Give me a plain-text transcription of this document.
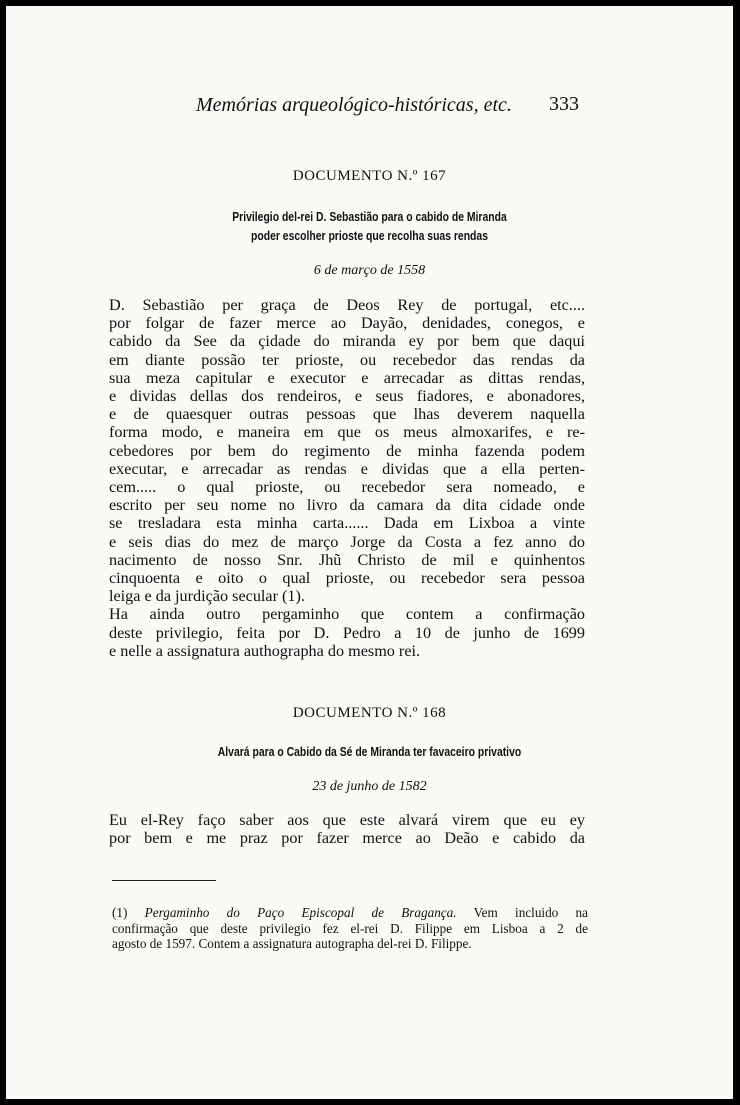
Memórias arqueológico-históricas, etc. 333
DOCUMENTO N.º 167
Privilegio del-rei D. Sebastião para o cabido de Miranda
poder escolher prioste que recolha suas rendas
6 de março de 1558
D. Sebastião per graça de Deos Rey de portugal, etc....
por folgar de fazer merce ao Dayão, denidades, conegos, e
cabido da See da çidade do miranda ey por bem que daqui
em diante possão ter prioste, ou recebedor das rendas da
sua meza capitular e executor e arrecadar as dittas rendas,
e dividas dellas dos rendeiros, e seus fiadores, e abonadores,
e de quaesquer outras pessoas que lhas deverem naquella
forma modo, e maneira em que os meus almoxarifes, e re-
cebedores por bem do regimento de minha fazenda podem
executar, e arrecadar as rendas e dividas que a ella perten-
cem..... o qual prioste, ou recebedor sera nomeado, e
escrito per seu nome no livro da camara da dita cidade onde
se tresladara esta minha carta...... Dada em Lixboa a vinte
e seis dias do mez de março Jorge da Costa a fez anno do
nacimento de nosso Snr. Jhũ Christo de mil e quinhentos
cinquoenta e oito o qual prioste, ou recebedor sera pessoa
leiga e da jurdição secular (1).
Ha ainda outro pergaminho que contem a confirmação
deste privilegio, feita por D. Pedro a 10 de junho de 1699
e nelle a assignatura authographa do mesmo rei.
DOCUMENTO N.º 168
Alvará para o Cabido da Sé de Miranda ter favaceiro privativo
23 de junho de 1582
Eu el-Rey faço saber aos que este alvará virem que eu ey
por bem e me praz por fazer merce ao Deão e cabido da
(1) Pergaminho do Paço Episcopal de Bragança. Vem incluido na
confirmação que deste privilegio fez el-rei D. Filippe em Lisboa a 2 de
agosto de 1597. Contem a assignatura autographa del-rei D. Filippe.
